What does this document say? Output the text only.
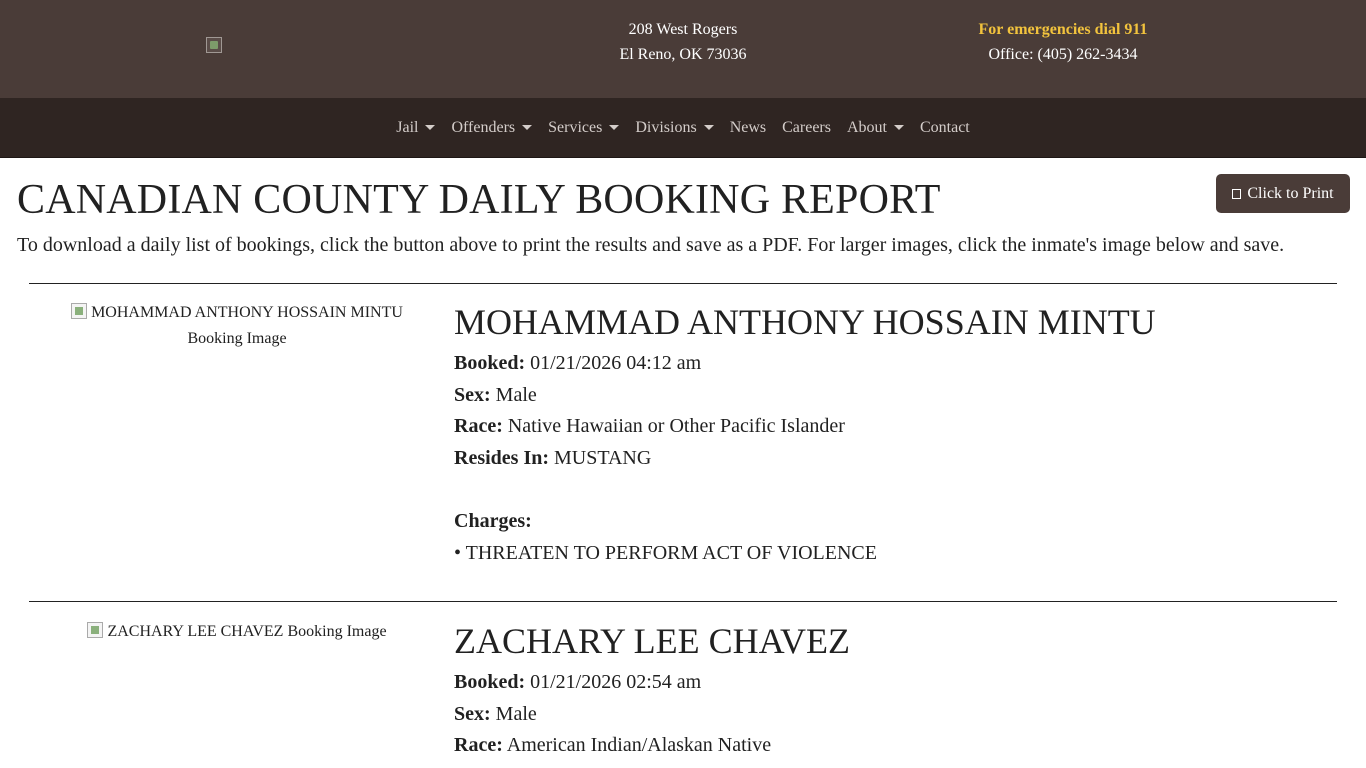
208 West Rogers
El Reno, OK 73036
For emergencies dial 911
Office: (405) 262-3434
Jail Offenders Services Divisions News Careers About Contact
CANADIAN COUNTY DAILY BOOKING REPORT	Click to Print
To download a daily list of bookings, click the button above to print the results and save as a PDF. For larger images, click the inmate's image below and save.
MOHAMMAD ANTHONY HOSSAIN MINTU Booking Image	MOHAMMAD ANTHONY HOSSAIN MINTU
Booked: 01/21/2026 04:12 am
Sex: Male
Race: Native Hawaiian or Other Pacific Islander
Resides In: MUSTANG
Charges:
• THREATEN TO PERFORM ACT OF VIOLENCE
ZACHARY LEE CHAVEZ Booking Image	ZACHARY LEE CHAVEZ
Booked: 01/21/2026 02:54 am
Sex: Male
Race: American Indian/Alaskan Native
